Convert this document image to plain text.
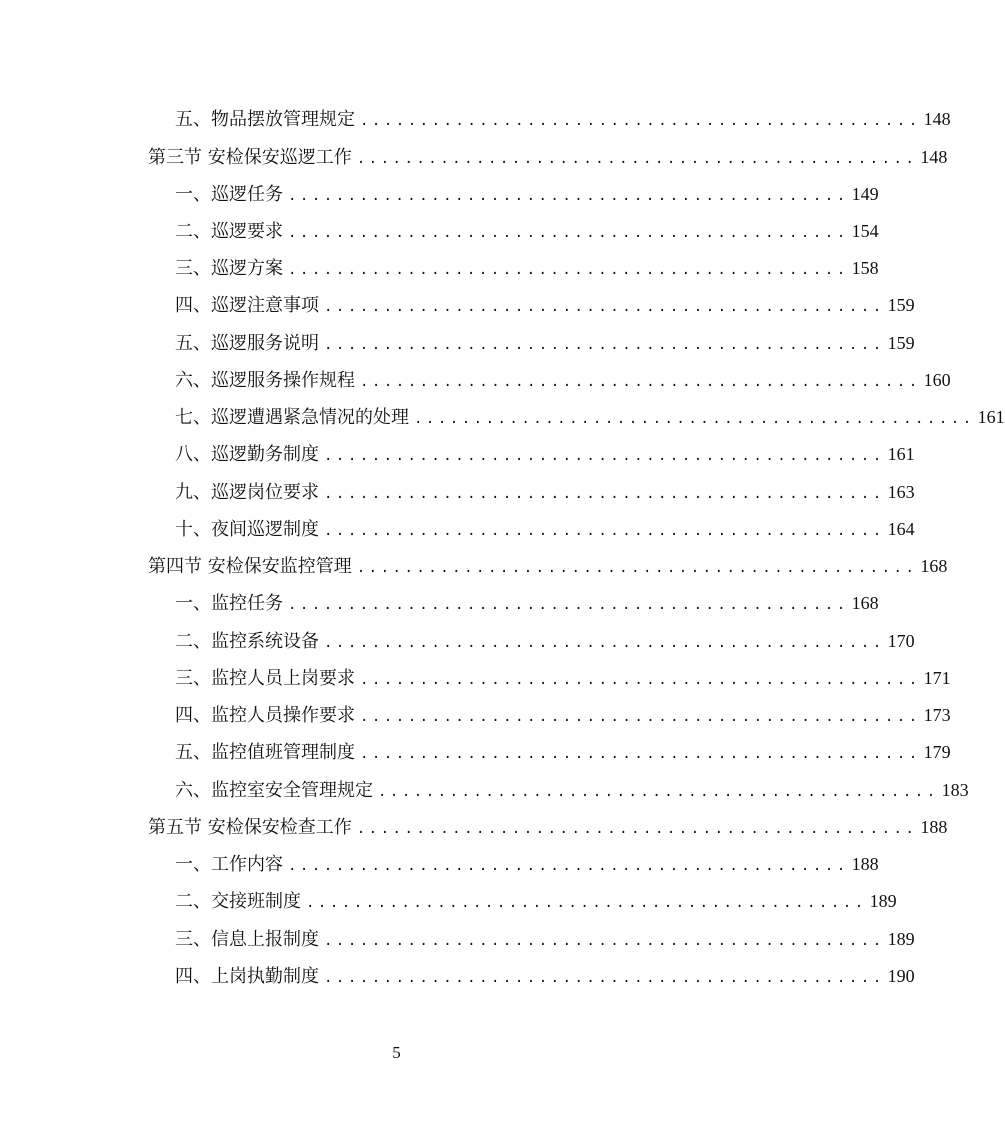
五、物品摆放管理规定 ............................................... 148
第三节 安检保安巡逻工作 ............................................... 148
一、巡逻任务 ............................................... 149
二、巡逻要求 ............................................... 154
三、巡逻方案 ............................................... 158
四、巡逻注意事项 ............................................... 159
五、巡逻服务说明 ............................................... 159
六、巡逻服务操作规程 ............................................... 160
七、巡逻遭遇紧急情况的处理 ............................................... 161
八、巡逻勤务制度 ............................................... 161
九、巡逻岗位要求 ............................................... 163
十、夜间巡逻制度 ............................................... 164
第四节 安检保安监控管理 ............................................... 168
一、监控任务 ............................................... 168
二、监控系统设备 ............................................... 170
三、监控人员上岗要求 ............................................... 171
四、监控人员操作要求 ............................................... 173
五、监控值班管理制度 ............................................... 179
六、监控室安全管理规定 ............................................... 183
第五节 安检保安检查工作 ............................................... 188
一、工作内容 ............................................... 188
二、交接班制度 ............................................... 189
三、信息上报制度 ............................................... 189
四、上岗执勤制度 ............................................... 190
5
